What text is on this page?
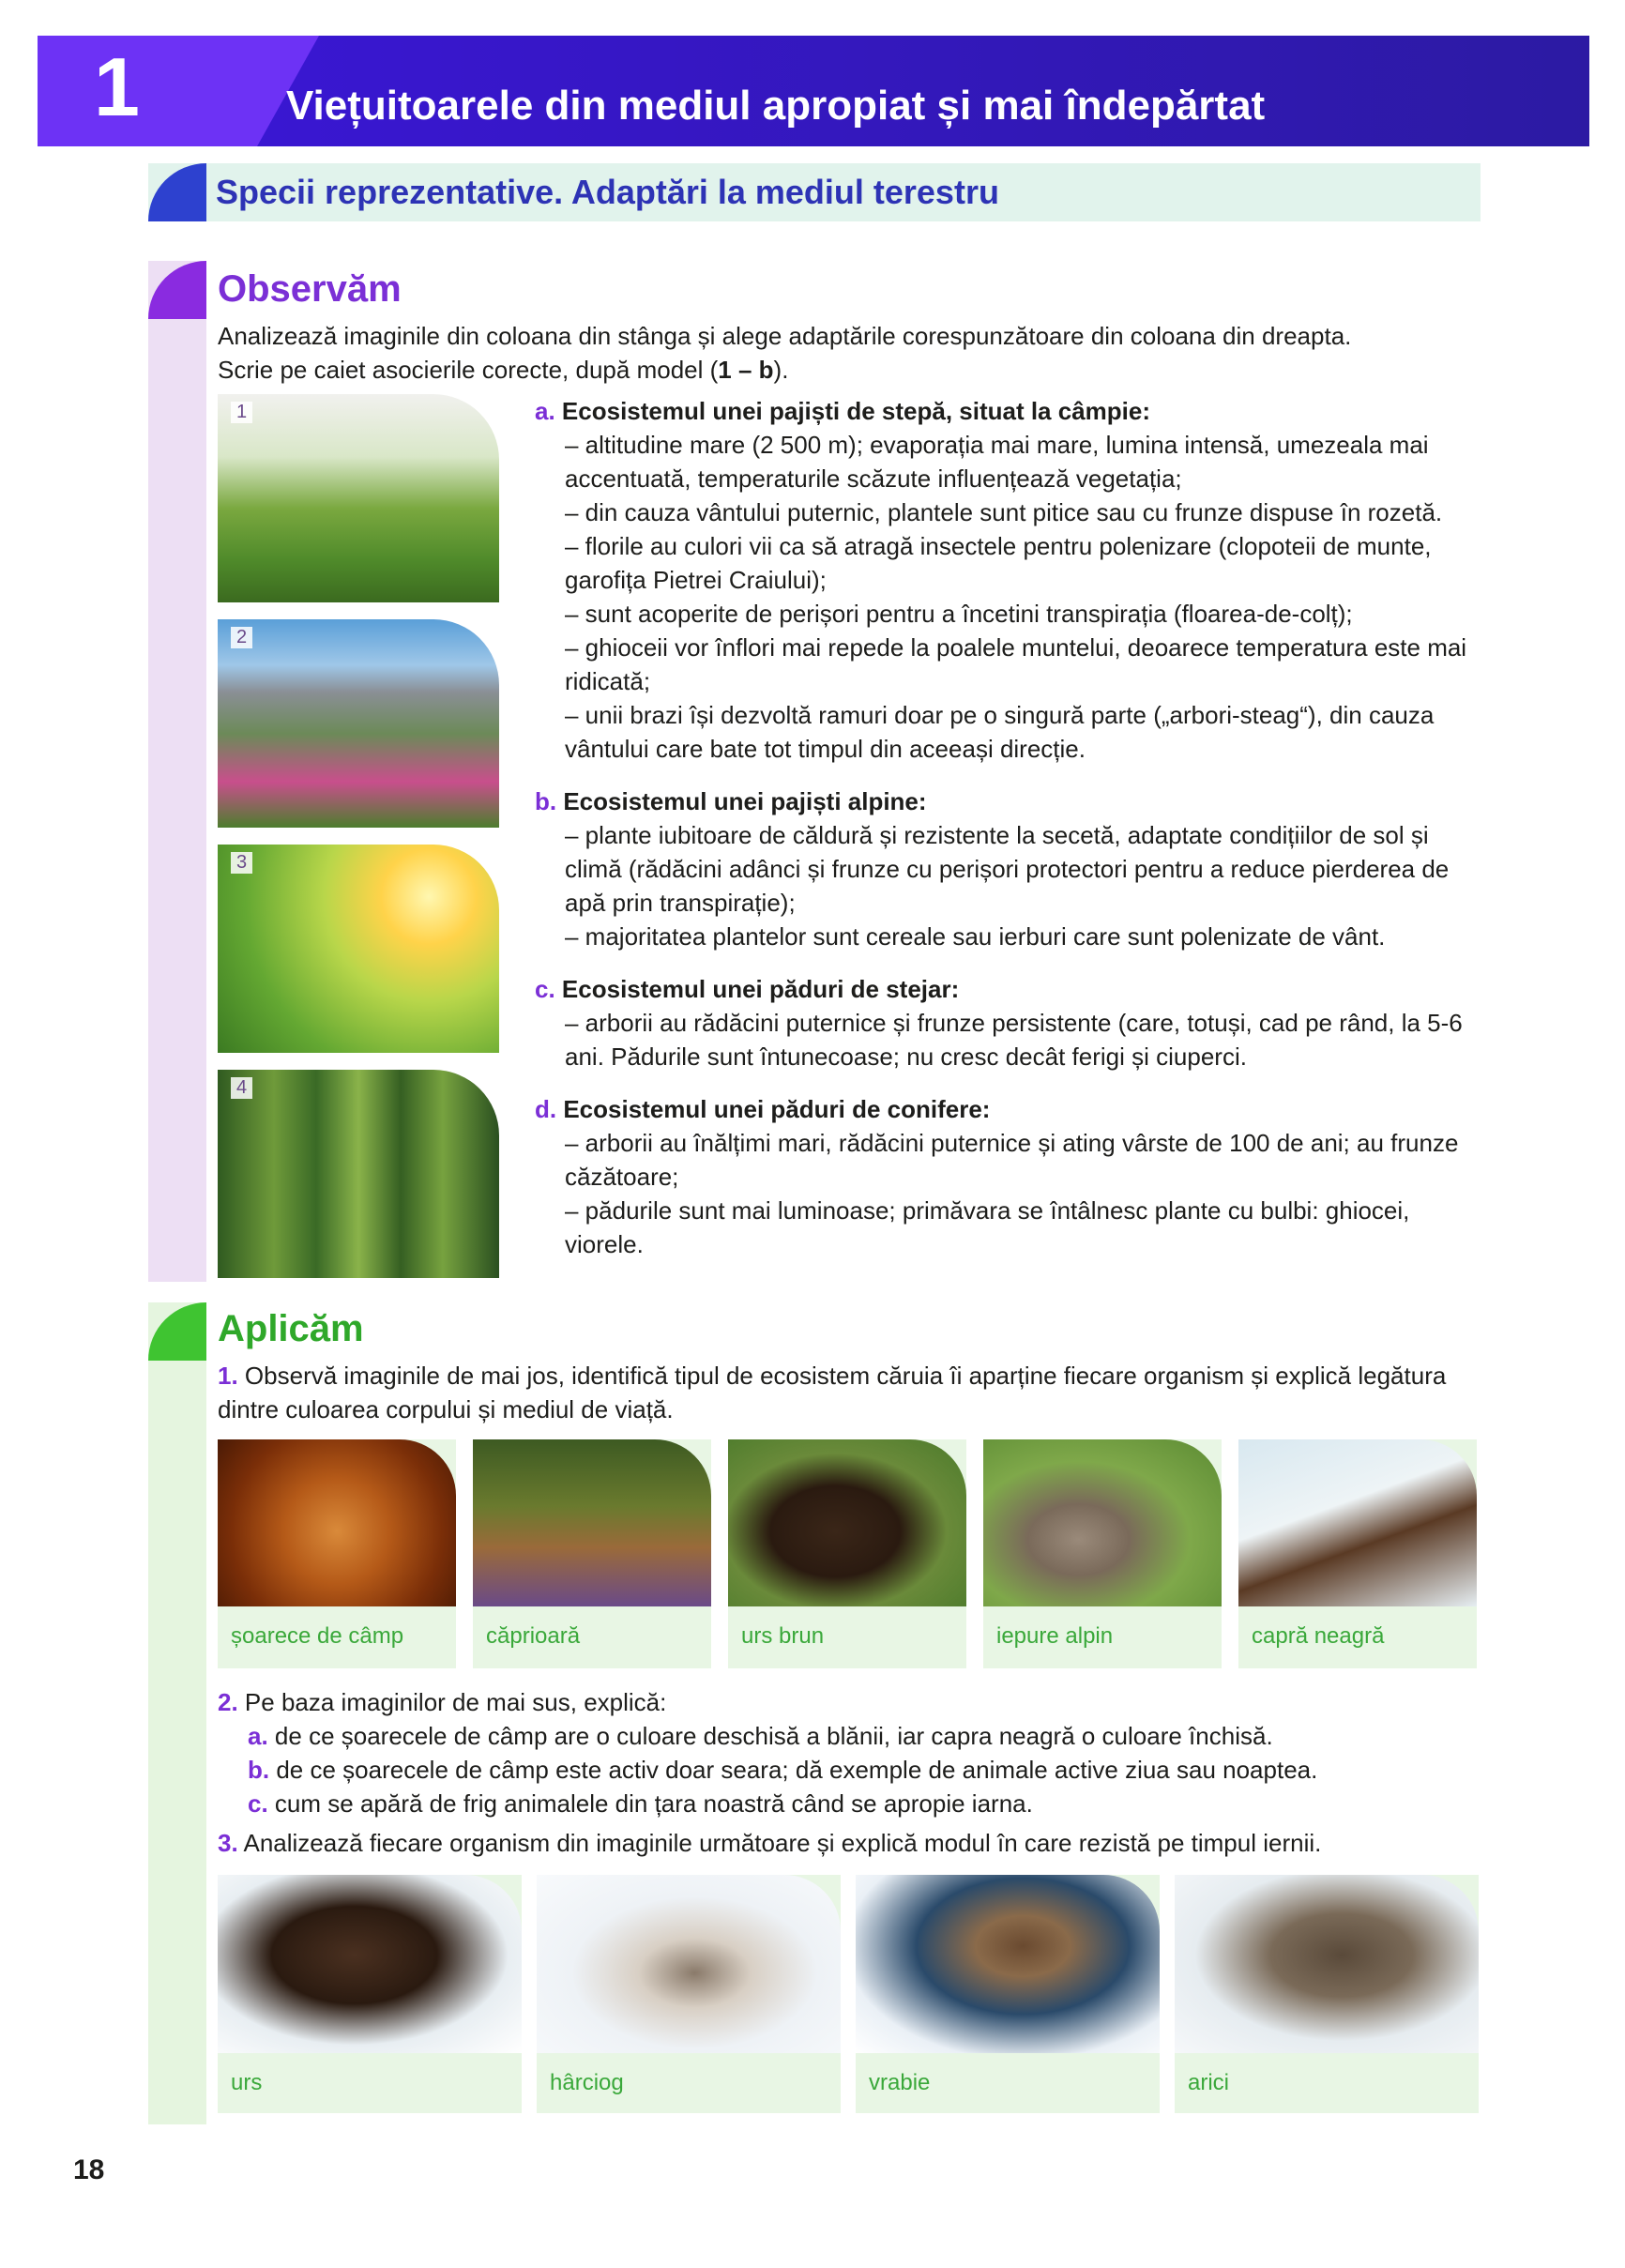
1	Viețuitoarele din mediul apropiat și mai îndepărtat
Specii reprezentative. Adaptări la mediul terestru
Observăm
Analizează imaginile din coloana din stânga și alege adaptările corespunzătoare din coloana din dreapta.
Scrie pe caiet asocierile corecte, după model (1 – b).
1
2
3
4
a. Ecosistemul unei pajiști de stepă, situat la câmpie:
– altitudine mare (2 500 m); evaporația mai mare, lumina intensă, umezeala mai accentuată, temperaturile scăzute influențează vegetația;
– din cauza vântului puternic, plantele sunt pitice sau cu frunze dispuse în rozetă.
– florile au culori vii ca să atragă insectele pentru polenizare (clopoteii de munte, garofița Pietrei Craiului);
– sunt acoperite de perișori pentru a încetini transpirația (floarea-de-colț);
– ghioceii vor înflori mai repede la poalele muntelui, deoarece temperatura este mai ridicată;
– unii brazi își dezvoltă ramuri doar pe o singură parte („arbori-steag“), din cauza vântului care bate tot timpul din aceeași direcție.
b. Ecosistemul unei pajiști alpine:
– plante iubitoare de căldură și rezistente la secetă, adaptate condițiilor de sol și climă (rădăcini adânci și frunze cu perișori protectori pentru a reduce pierderea de apă prin transpirație);
– majoritatea plantelor sunt cereale sau ierburi care sunt polenizate de vânt.
c. Ecosistemul unei păduri de stejar:
– arborii au rădăcini puternice și frunze persistente (care, totuși, cad pe rând, la 5-6 ani. Pădurile sunt întunecoase; nu cresc decât ferigi și ciuperci.
d. Ecosistemul unei păduri de conifere:
– arborii au înălțimi mari, rădăcini puternice și ating vârste de 100 de ani; au frunze căzătoare;
– pădurile sunt mai luminoase; primăvara se întâlnesc plante cu bulbi: ghiocei, viorele.
Aplicăm
1. Observă imaginile de mai jos, identifică tipul de ecosistem căruia îi aparține fiecare organism și explică legătura dintre culoarea corpului și mediul de viață.
șoarece de câmp	căprioară	urs brun	iepure alpin	capră neagră
2. Pe baza imaginilor de mai sus, explică:
a. de ce șoarecele de câmp are o culoare deschisă a blănii, iar capra neagră o culoare închisă.
b. de ce șoarecele de câmp este activ doar seara; dă exemple de animale active ziua sau noaptea.
c. cum se apără de frig animalele din țara noastră când se apropie iarna.
3. Analizează fiecare organism din imaginile următoare și explică modul în care rezistă pe timpul iernii.
urs	hârciog	vrabie	arici
18
